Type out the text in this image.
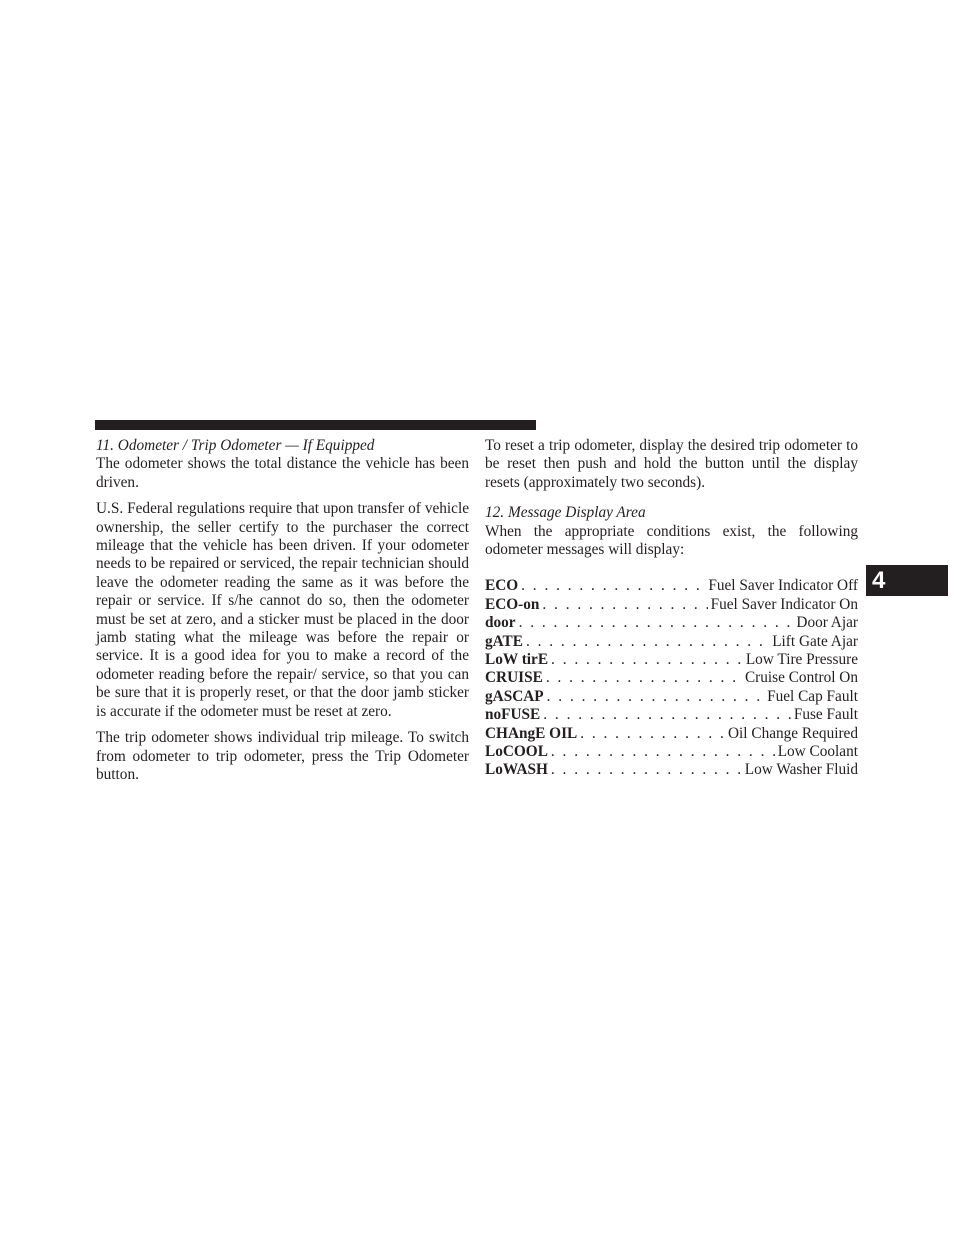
11. Odometer / Trip Odometer — If Equipped

The odometer shows the total distance the vehicle has been driven.

U.S. Federal regulations require that upon transfer of vehicle ownership, the seller certify to the purchaser the correct mileage that the vehicle has been driven. If your odometer needs to be repaired or serviced, the repair technician should leave the odometer reading the same as it was before the repair or service. If s/he cannot do so, then the odometer must be set at zero, and a sticker must be placed in the door jamb stating what the mileage was before the repair or service. It is a good idea for you to make a record of the odometer reading before the repair/ service, so that you can be sure that it is properly reset, or that the door jamb sticker is accurate if the odometer must be reset at zero.

The trip odometer shows individual trip mileage. To switch from odometer to trip odometer, press the Trip Odometer button.

To reset a trip odometer, display the desired trip odometer to be reset then push and hold the button until the display resets (approximately two seconds).

12. Message Display Area

When the appropriate conditions exist, the following odometer messages will display:

ECO . . .	Fuel Saver Indicator Off
ECO-on . . .	Fuel Saver Indicator On
door . . .	Door Ajar
gATE . . .	Lift Gate Ajar
LoW tirE . . .	Low Tire Pressure
CRUISE . . .	Cruise Control On
gASCAP . . .	Fuel Cap Fault
noFUSE . . .	Fuse Fault
CHAngE OIL . . .	Oil Change Required
LoCOOL . . .	Low Coolant
LoWASH . . .	Low Washer Fluid
4
